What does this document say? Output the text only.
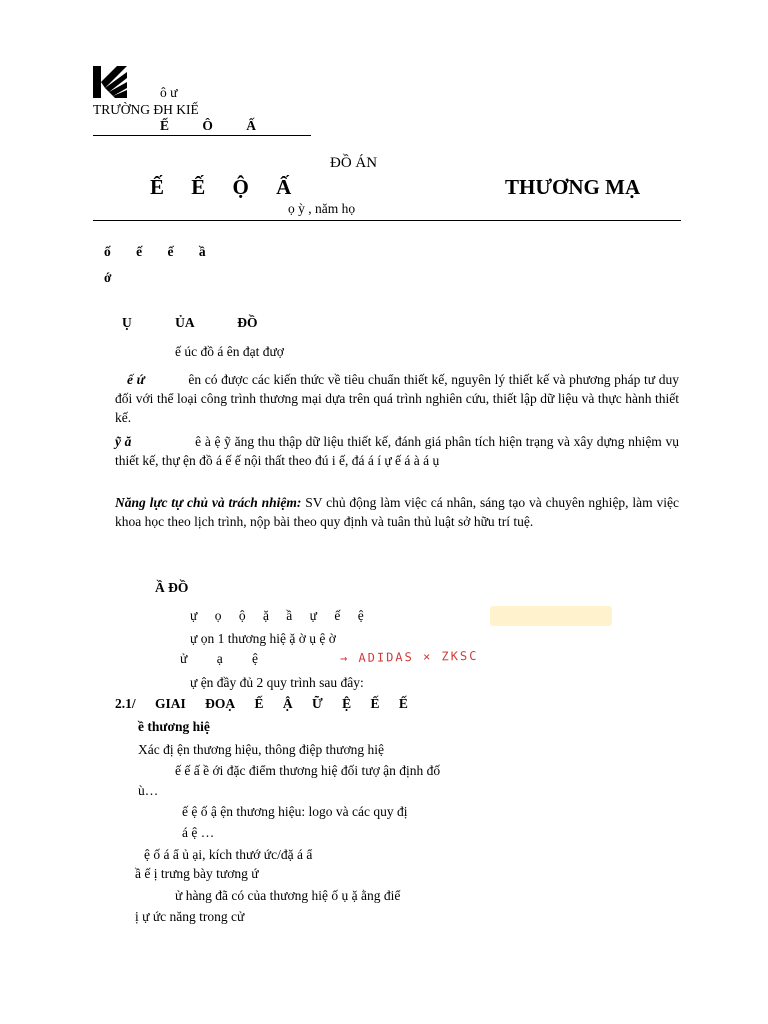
ô ư
TRƯỜNG ĐH KIẾ
Ế Ô Ấ
ĐỒ ÁN
Ế Ế Ộ Ấ	THƯƠNG MẠ
ọ ỳ , năm họ
ố ế ế ầ
ớ
Ụ ỦA ĐỒ
ế úc đồ á ên đạt đượ
ế ứ	ên có được các kiến thức về tiêu chuẩn thiết kế, nguyên lý thiết kế và phương pháp tư duy đối với thể loại công trình thương mại dựa trên quá trình nghiên cứu, thiết lập dữ liệu và thực hành thiết kế.
ỹ ă	ê à ệ ỹ ăng thu thập dữ liệu thiết kế, đánh giá phân tích hiện trạng và xây dựng nhiệm vụ thiết kế, thự ện đồ á ế ế nội thất theo đú i ế, đá á í ự ế á à á ụ
Năng lực tự chủ và trách nhiệm: SV chủ động làm việc cá nhân, sáng tạo và chuyên nghiệp, làm việc khoa học theo lịch trình, nộp bài theo quy định và tuân thủ luật sở hữu trí tuệ.
Ầ ĐỒ
ự ọ ộ ặ ầ ự ế ệ
ự ọn 1 thương hiệ ặ ờ ụ ệ ờ
ử ạ ệ	→ ADIDAS × ZKSC
ự ện đầy đủ 2 quy trình sau đây:
2.1/ GIAI ĐOẠ Ế Ậ Ữ Ệ Ế Ế
ề thương hiệ
Xác đị ện thương hiệu, thông điệp thương hiệ
ế ế ấ ề ới đặc điểm thương hiệ đối tượ ận định đố
ù…
ế ệ ố ậ ện thương hiệu: logo và các quy đị
á ệ …
ệ ố á ẩ ủ ại, kích thướ ức/đặ á ẩ
ầ ế ị trưng bày tương ứ
ử hàng đã có của thương hiệ ố ụ ặ ằng điể
ị ự ức năng trong cử
